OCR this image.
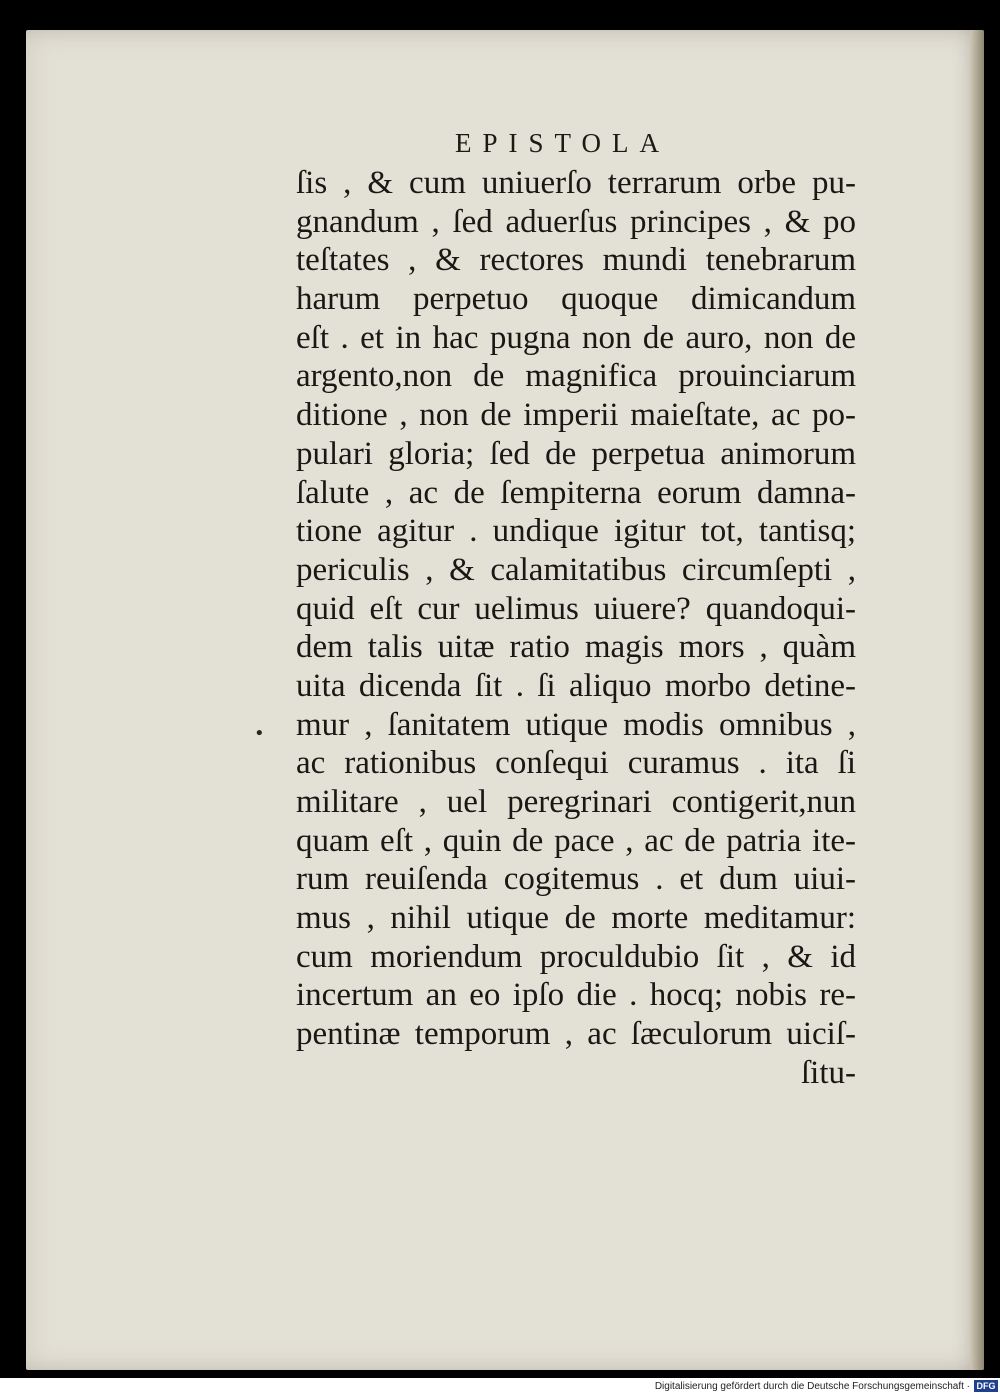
EPISTOLA
•
ſis , & cum uniuerſo terrarum orbe pu-
gnandum , ſed aduerſus principes , & po
teſtates , & rectores mundi tenebrarum
harum perpetuo quoque dimicandum
eſt . et in hac pugna non de auro, non de
argento,non de magnifica prouinciarum
ditione , non de imperii maieſtate, ac po-
pulari gloria; ſed de perpetua animorum
ſalute , ac de ſempiterna eorum damna-
tione agitur . undique igitur tot, tantisq;
periculis , & calamitatibus circumſepti ,
quid eſt cur uelimus uiuere? quandoqui-
dem talis uitæ ratio magis mors , quàm
uita dicenda ſit . ſi aliquo morbo detine-
mur , ſanitatem utique modis omnibus ,
ac rationibus conſequi curamus . ita ſi
militare , uel peregrinari contigerit,nun
quam eſt , quin de pace , ac de patria ite-
rum reuiſenda cogitemus . et dum uiui-
mus , nihil utique de morte meditamur:
cum moriendum proculdubio ſit , & id
incertum an eo ipſo die . hocq; nobis re-
pentinæ temporum , ac ſæculorum uiciſ-
ſitu-
Digitalisierung gefördert durch die Deutsche Forschungsgemeinschaft · DFG
